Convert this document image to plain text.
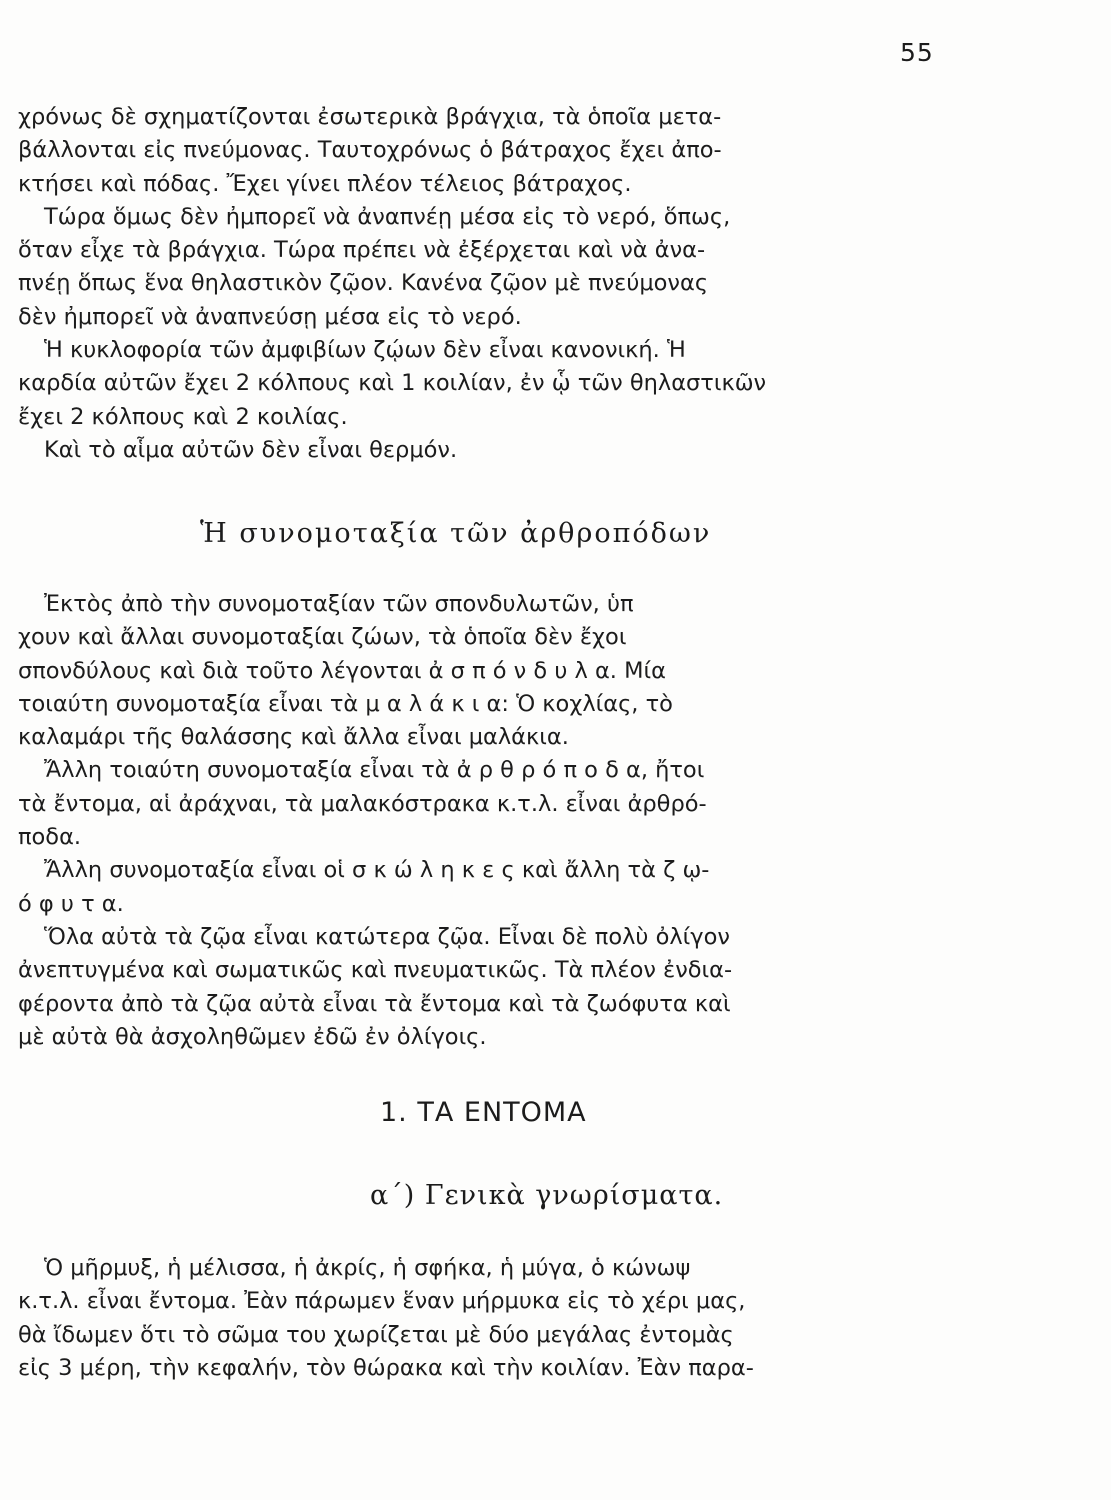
55
χρόνως δὲ σχηματίζονται ἐσωτερικὰ βράγχια, τὰ ὁποῖα μετα-
βάλλονται εἰς πνεύμονας. Ταυτοχρόνως ὁ βάτραχος ἔχει ἀπο-
κτήσει καὶ πόδας. Ἔχει γίνει πλέον τέλειος βάτραχος.
Τώρα ὅμως δὲν ἠμπορεῖ νὰ ἀναπνέῃ μέσα εἰς τὸ νερό, ὅπως,
ὅταν εἶχε τὰ βράγχια. Τώρα πρέπει νὰ ἐξέρχεται καὶ νὰ ἀνα-
πνέῃ ὅπως ἕνα θηλαστικὸν ζῷον. Κανένα ζῷον μὲ πνεύμονας
δὲν ἠμπορεῖ νὰ ἀναπνεύσῃ μέσα εἰς τὸ νερό.
Ἡ κυκλοφορία τῶν ἀμφιβίων ζῴων δὲν εἶναι κανονική. Ἡ
καρδία αὐτῶν ἔχει 2 κόλπους καὶ 1 κοιλίαν, ἐν ᾧ τῶν θηλαστικῶν
ἔχει 2 κόλπους καὶ 2 κοιλίας.
Καὶ τὸ αἷμα αὐτῶν δὲν εἶναι θερμόν.
Ἡ συνομοταξία τῶν ἀρθροπόδων
Ἐκτὸς ἀπὸ τὴν συνομοταξίαν τῶν σπονδυλωτῶν, ὑπ
χουν καὶ ἄλλαι συνομοταξίαι ζώων, τὰ ὁποῖα δὲν ἔχοι
σπονδύλους καὶ διὰ τοῦτο λέγονται ἀ σ π ό ν δ υ λ α. Μία
τοιαύτη συνομοταξία εἶναι τὰ μ α λ ά κ ι α: Ὁ κοχλίας, τὸ
καλαμάρι τῆς θαλάσσης καὶ ἄλλα εἶναι μαλάκια.
Ἄλλη τοιαύτη συνομοταξία εἶναι τὰ ἀ ρ θ ρ ό π ο δ α, ἤτοι
τὰ ἔντομα, αἱ ἀράχναι, τὰ μαλακόστρακα κ.τ.λ. εἶναι ἀρθρό-
ποδα.
Ἄλλη συνομοταξία εἶναι οἱ σ κ ώ λ η κ ε ς καὶ ἄλλη τὰ ζ ῳ-
ό φ υ τ α.
Ὅλα αὐτὰ τὰ ζῷα εἶναι κατώτερα ζῷα. Εἶναι δὲ πολὺ ὀλίγον
ἀνεπτυγμένα καὶ σωματικῶς καὶ πνευματικῶς. Τὰ πλέον ἐνδια-
φέροντα ἀπὸ τὰ ζῷα αὐτὰ εἶναι τὰ ἔντομα καὶ τὰ ζωόφυτα καὶ
μὲ αὐτὰ θὰ ἀσχοληθῶμεν ἐδῶ ἐν ὀλίγοις.
1. ΤΑ ΕΝΤΟΜΑ
α΄) Γενικὰ γνωρίσματα.
Ὁ μῆρμυξ, ἡ μέλισσα, ἡ ἀκρίς, ἡ σφήκα, ἡ μύγα, ὁ κώνωψ
κ.τ.λ. εἶναι ἔντομα. Ἐὰν πάρωμεν ἕναν μήρμυκα εἰς τὸ χέρι μας,
θὰ ἴδωμεν ὅτι τὸ σῶμα του χωρίζεται μὲ δύο μεγάλας ἐντομὰς
εἰς 3 μέρη, τὴν κεφαλήν, τὸν θώρακα καὶ τὴν κοιλίαν. Ἐὰν παρα-
